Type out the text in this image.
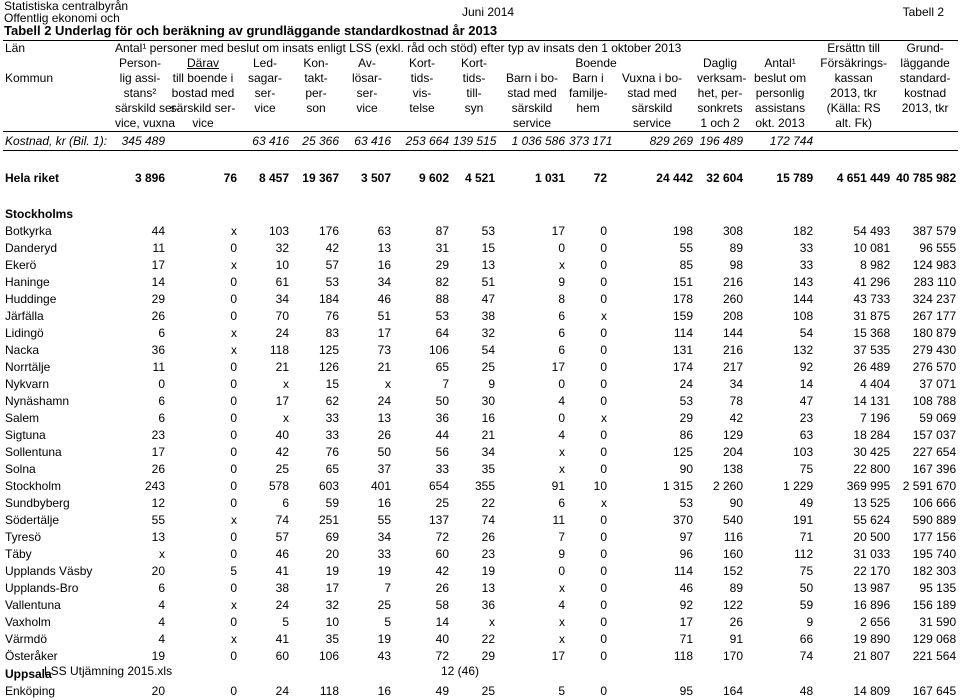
Statistiska centralbyrån
Offentlig ekonomi och	Juni 2014	Tabell 2
Tabell 2 Underlag för och beräkning av grundläggande standardkostnad år 2013
Län	Antal¹ personer med beslut om insats enligt LSS (exkl. råd och stöd) efter typ av insats den 1 oktober 2013												Ersättn till	Grund-
	Person-	Därav	Led-	Kon-	Av-	Kort-	Kort-	Boende			Daglig	Antal¹	Försäkrings-	läggande
Kommun	lig assi-	till boende i	sagar-	takt-	lösar-	tids-	tids-	Barn i bo-	Barn i	Vuxna i bo-	verksam-	beslut om	kassan	standard-
	stans²	bostad med	ser-	per-	ser-	vis-	till-	stad med	familje-	stad med	het, per-	personlig	2013, tkr	kostnad
	särskild ser-	särskild ser-	vice	son	vice	telse	syn	särskild	hem	särskild	sonkrets	assistans	(Källa: RS	2013, tkr
	vice, vuxna	vice						service		service	1 och 2	okt. 2013	alt. Fk)	
Kostnad, kr (Bil. 1):	345 489		63 416	25 366	63 416	253 664	139 515	1 036 586	373 171	829 269	196 489	172 744		

Hela riket	3 896	76	8 457	19 367	3 507	9 602	4 521	1 031	72	24 442	32 604	15 789	4 651 449	40 785 982

Stockholms														
Botkyrka	44	x	103	176	63	87	53	17	0	198	308	182	54 493	387 579
Danderyd	11	0	32	42	13	31	15	0	0	55	89	33	10 081	96 555
Ekerö	17	x	10	57	16	29	13	x	0	85	98	33	8 982	124 983
Haninge	14	0	61	53	34	82	51	9	0	151	216	143	41 296	283 110
Huddinge	29	0	34	184	46	88	47	8	0	178	260	144	43 733	324 237
Järfälla	26	0	70	76	51	53	38	6	x	159	208	108	31 875	267 177
Lidingö	6	x	24	83	17	64	32	6	0	114	144	54	15 368	180 879
Nacka	36	x	118	125	73	106	54	6	0	131	216	132	37 535	279 430
Norrtälje	11	0	21	126	21	65	25	17	0	174	217	92	26 489	276 570
Nykvarn	0	0	x	15	x	7	9	0	0	24	34	14	4 404	37 071
Nynäshamn	6	0	17	62	24	50	30	4	0	53	78	47	14 131	108 788
Salem	6	0	x	33	13	36	16	0	x	29	42	23	7 196	59 069
Sigtuna	23	0	40	33	26	44	21	4	0	86	129	63	18 284	157 037
Sollentuna	17	0	42	76	50	56	34	x	0	125	204	103	30 425	227 654
Solna	26	0	25	65	37	33	35	x	0	90	138	75	22 800	167 396
Stockholm	243	0	578	603	401	654	355	91	10	1 315	2 260	1 229	369 995	2 591 670
Sundbyberg	12	0	6	59	16	25	22	6	x	53	90	49	13 525	106 666
Södertälje	55	x	74	251	55	137	74	11	0	370	540	191	55 624	590 889
Tyresö	13	0	57	69	34	72	26	7	0	97	116	71	20 500	177 156
Täby	x	0	46	20	33	60	23	9	0	96	160	112	31 033	195 740
Upplands Väsby	20	5	41	19	19	42	19	0	0	114	152	75	22 170	182 303
Upplands-Bro	6	0	38	17	7	26	13	x	0	46	89	50	13 987	95 135
Vallentuna	4	x	24	32	25	58	36	4	0	92	122	59	16 896	156 189
Vaxholm	4	0	5	10	5	14	x	x	0	17	26	9	2 656	31 590
Värmdö	4	x	41	35	19	40	22	x	0	71	91	66	19 890	129 068
Österåker	19	0	60	106	43	72	29	17	0	118	170	74	21 807	221 564
Uppsala														
Enköping	20	0	24	118	16	49	25	5	0	95	164	48	14 809	167 645
LSS Utjämning 2015.xls	12 (46)
